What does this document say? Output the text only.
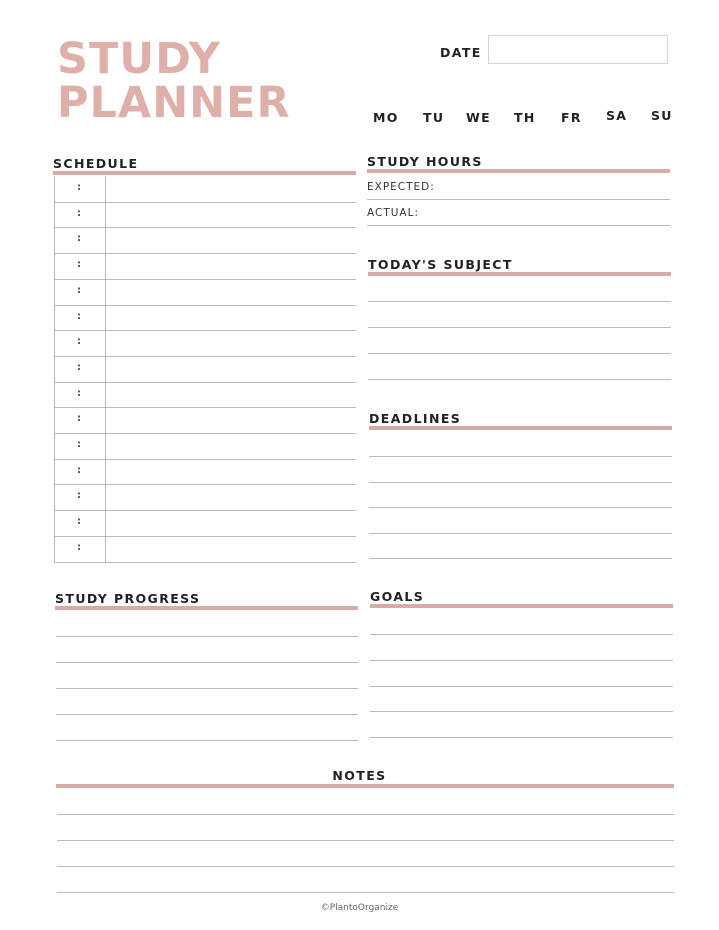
STUDY
PLANNER
DATE
MO TU WE TH FR SA SU
SCHEDULE
:
:
:
:
:
:
:
:
:
:
:
:
:
:
:
STUDY HOURS
EXPECTED:
ACTUAL:
TODAY'S SUBJECT
DEADLINES
STUDY PROGRESS	GOALS
NOTES
©PlantoOrganize
